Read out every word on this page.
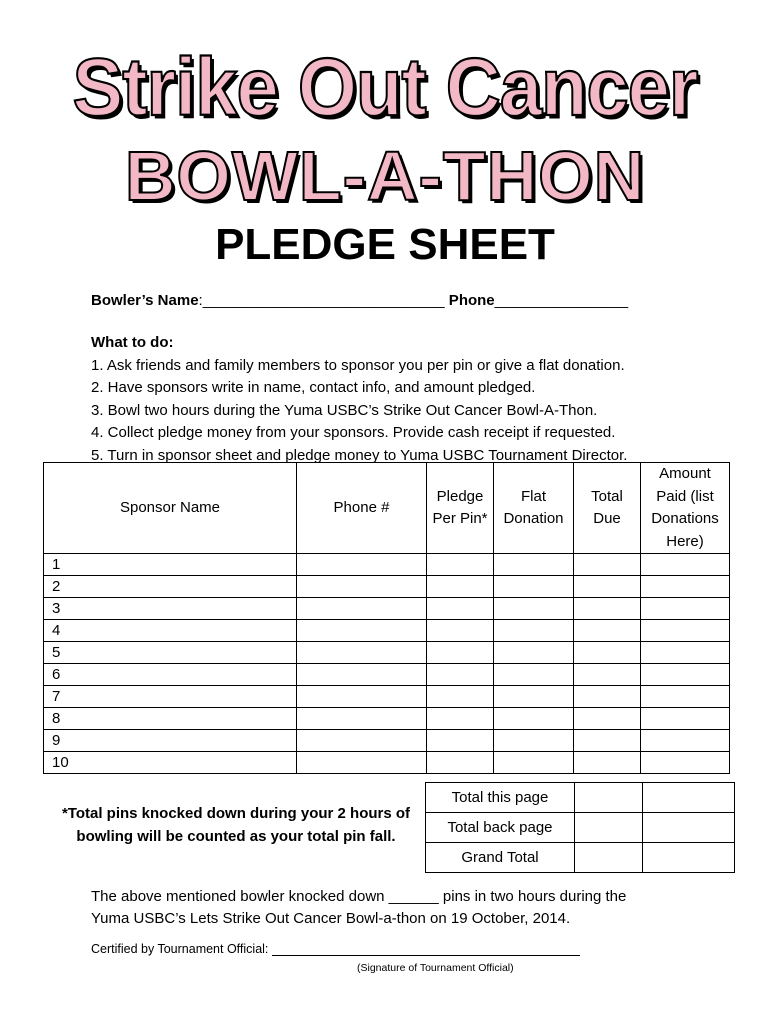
Strike Out Cancer
BOWL-A-THON
PLEDGE SHEET
Bowler’s Name:_____________________________ Phone________________
What to do:
1. Ask friends and family members to sponsor you per pin or give a flat donation.
2. Have sponsors write in name, contact info, and amount pledged.
3. Bowl two hours during the Yuma USBC’s Strike Out Cancer Bowl-A-Thon.
4. Collect pledge money from your sponsors. Provide cash receipt if requested.
5. Turn in sponsor sheet and pledge money to Yuma USBC Tournament Director.
Sponsor Name	Phone #	Pledge Per Pin*	Flat Donation	Total Due	Amount Paid (list Donations Here)
1					
2					
3					
4					
5					
6					
7					
8					
9					
10					
*Total pins knocked down during your 2 hours of bowling will be counted as your total pin fall.
Total this page		
Total back page		
Grand Total		
The above mentioned bowler knocked down ______ pins in two hours during the
Yuma USBC’s Lets Strike Out Cancer Bowl-a-thon on 19 October, 2014.
Certified by Tournament Official:
(Signature of Tournament Official)
